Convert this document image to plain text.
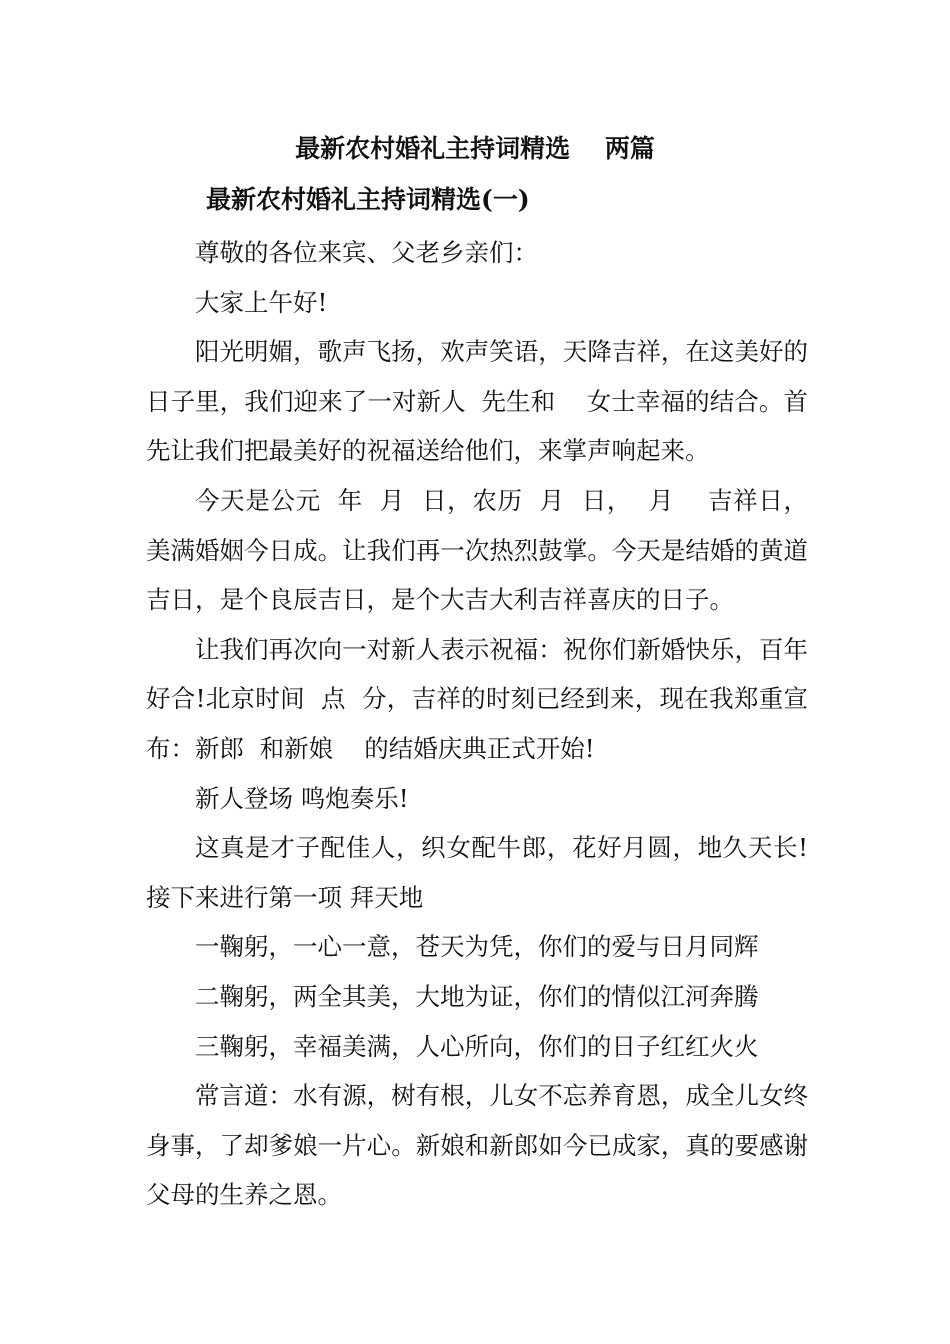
最新农村婚礼主持词精选    两篇
最新农村婚礼主持词精选(一)

尊敬的各位来宾、父老乡亲们：

大家上午好!

阳光明媚，歌声飞扬，欢声笑语，天降吉祥，在这美好的日子里，我们迎来了一对新人  先生和    女士幸福的结合。首先让我们把最美好的祝福送给他们，来掌声响起来。

今天是公元  年  月  日，农历  月  日，  月    吉祥日，美满婚姻今日成。让我们再一次热烈鼓掌。今天是结婚的黄道吉日，是个良辰吉日，是个大吉大利吉祥喜庆的日子。

让我们再次向一对新人表示祝福：祝你们新婚快乐，百年好合!北京时间  点  分，吉祥的时刻已经到来，现在我郑重宣布：新郎  和新娘    的结婚庆典正式开始!

新人登场 鸣炮奏乐!

这真是才子配佳人，织女配牛郎，花好月圆，地久天长!接下来进行第一项 拜天地

一鞠躬，一心一意，苍天为凭，你们的爱与日月同辉

二鞠躬，两全其美，大地为证，你们的情似江河奔腾

三鞠躬，幸福美满，人心所向，你们的日子红红火火

常言道：水有源，树有根，儿女不忘养育恩，成全儿女终身事，了却爹娘一片心。新娘和新郎如今已成家，真的要感谢父母的生养之恩。
